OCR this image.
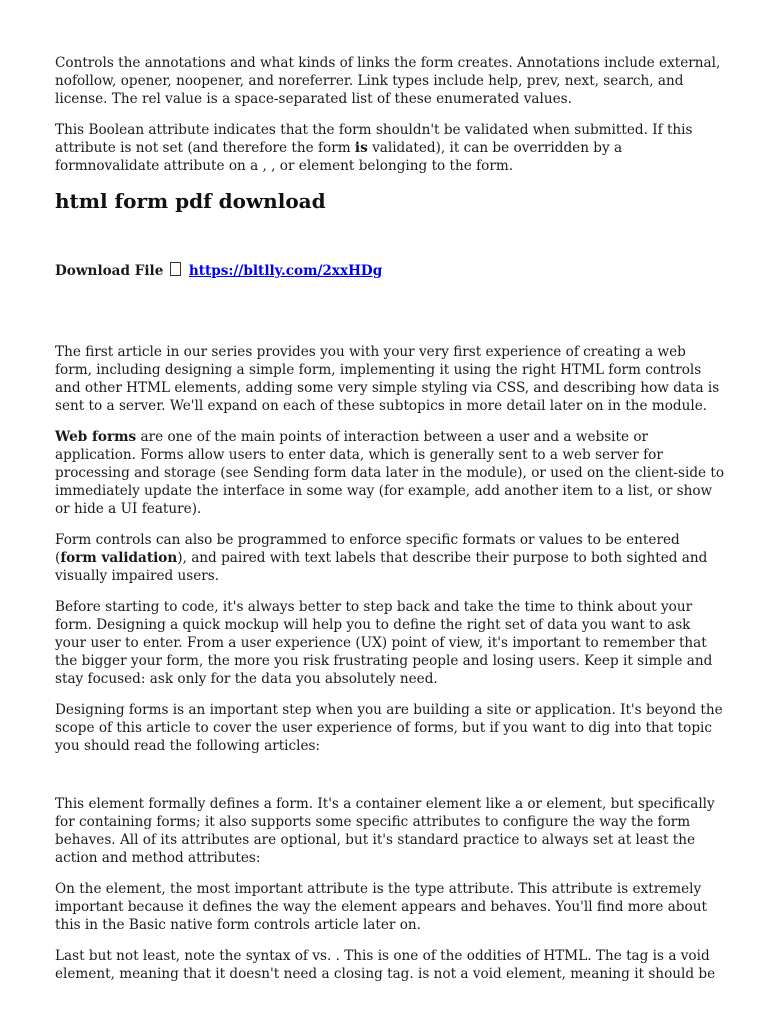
Controls the annotations and what kinds of links the form creates. Annotations include external, nofollow, opener, noopener, and noreferrer. Link types include help, prev, next, search, and license. The rel value is a space-separated list of these enumerated values.

This Boolean attribute indicates that the form shouldn't be validated when submitted. If this attribute is not set (and therefore the form is validated), it can be overridden by a formnovalidate attribute on a , , or element belonging to the form.

html form pdf download
Download File https://bltlly.com/2xxHDg

The first article in our series provides you with your very first experience of creating a web form, including designing a simple form, implementing it using the right HTML form controls and other HTML elements, adding some very simple styling via CSS, and describing how data is sent to a server. We'll expand on each of these subtopics in more detail later on in the module.

Web forms are one of the main points of interaction between a user and a website or application. Forms allow users to enter data, which is generally sent to a web server for processing and storage (see Sending form data later in the module), or used on the client-side to immediately update the interface in some way (for example, add another item to a list, or show or hide a UI feature).

Form controls can also be programmed to enforce specific formats or values to be entered (form validation), and paired with text labels that describe their purpose to both sighted and visually impaired users.

Before starting to code, it's always better to step back and take the time to think about your form. Designing a quick mockup will help you to define the right set of data you want to ask your user to enter. From a user experience (UX) point of view, it's important to remember that the bigger your form, the more you risk frustrating people and losing users. Keep it simple and stay focused: ask only for the data you absolutely need.

Designing forms is an important step when you are building a site or application. It's beyond the scope of this article to cover the user experience of forms, but if you want to dig into that topic you should read the following articles:

This element formally defines a form. It's a container element like a or element, but specifically for containing forms; it also supports some specific attributes to configure the way the form behaves. All of its attributes are optional, but it's standard practice to always set at least the action and method attributes:

On the element, the most important attribute is the type attribute. This attribute is extremely important because it defines the way the element appears and behaves. You'll find more about this in the Basic native form controls article later on.

Last but not least, note the syntax of vs. . This is one of the oddities of HTML. The tag is a void element, meaning that it doesn't need a closing tag. is not a void element, meaning it should be
